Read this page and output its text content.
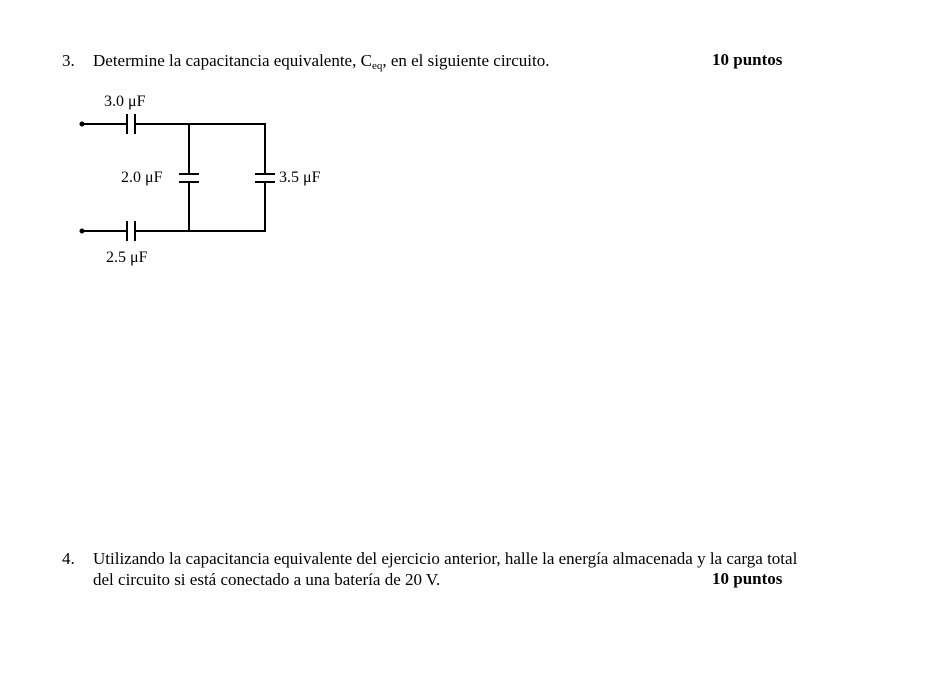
3. Determine la capacitancia equivalente, $C_{eq}$, en el siguiente circuito.	10 puntos
3.0 μF
2.0 μF	3.5 μF
2.5 μF
4. Utilizando la capacitancia equivalente del ejercicio anterior, halle la energía almacenada y la carga total
del circuito si está conectado a una batería de 20 V.	10 puntos
